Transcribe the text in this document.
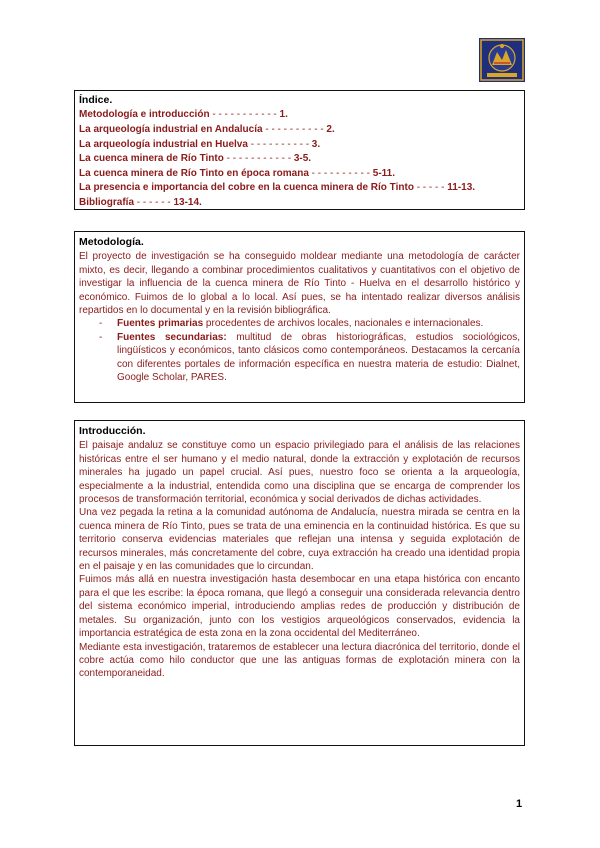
Índice.
Metodología e introducción - - - - - - - - - - - 1.
La arqueología industrial en Andalucía - - - - - - - - - - 2.
La arqueología industrial en Huelva - - - - - - - - - - 3.
La cuenca minera de Río Tinto - - - - - - - - - - - 3-5.
La cuenca minera de Río Tinto en época romana - - - - - - - - - - 5-11.
La presencia e importancia del cobre en la cuenca minera de Río Tinto - - - - - 11-13.
Bibliografía - - - - - - 13-14.
Metodología.

El proyecto de investigación se ha conseguido moldear mediante una metodología de carácter mixto, es decir, llegando a combinar procedimientos cualitativos y cuantitativos con el objetivo de investigar la influencia de la cuenca minera de Río Tinto - Huelva en el desarrollo histórico y económico. Fuimos de lo global a lo local. Así pues, se ha intentado realizar diversos análisis repartidos en lo documental y en la revisión bibliográfica.

- Fuentes primarias procedentes de archivos locales, nacionales e internacionales.
- Fuentes secundarias: multitud de obras historiográficas, estudios sociológicos, lingüísticos y económicos, tanto clásicos como contemporáneos. Destacamos la cercanía con diferentes portales de información específica en nuestra materia de estudio: Dialnet, Google Scholar, PARES.
Introducción.

El paisaje andaluz se constituye como un espacio privilegiado para el análisis de las relaciones históricas entre el ser humano y el medio natural, donde la extracción y explotación de recursos minerales ha jugado un papel crucial. Así pues, nuestro foco se orienta a la arqueología, especialmente a la industrial, entendida como una disciplina que se encarga de comprender los procesos de transformación territorial, económica y social derivados de dichas actividades.

Una vez pegada la retina a la comunidad autónoma de Andalucía, nuestra mirada se centra en la cuenca minera de Río Tinto, pues se trata de una eminencia en la continuidad histórica. Es que su territorio conserva evidencias materiales que reflejan una intensa y seguida explotación de recursos minerales, más concretamente del cobre, cuya extracción ha creado una identidad propia en el paisaje y en las comunidades que lo circundan.

Fuimos más allá en nuestra investigación hasta desembocar en una etapa histórica con encanto para el que les escribe: la época romana, que llegó a conseguir una considerada relevancia dentro del sistema económico imperial, introduciendo amplias redes de producción y distribución de metales. Su organización, junto con los vestigios arqueológicos conservados, evidencia la importancia estratégica de esta zona en la zona occidental del Mediterráneo.

Mediante esta investigación, trataremos de establecer una lectura diacrónica del territorio, donde el cobre actúa como hilo conductor que une las antiguas formas de explotación minera con la contemporaneidad.

1
